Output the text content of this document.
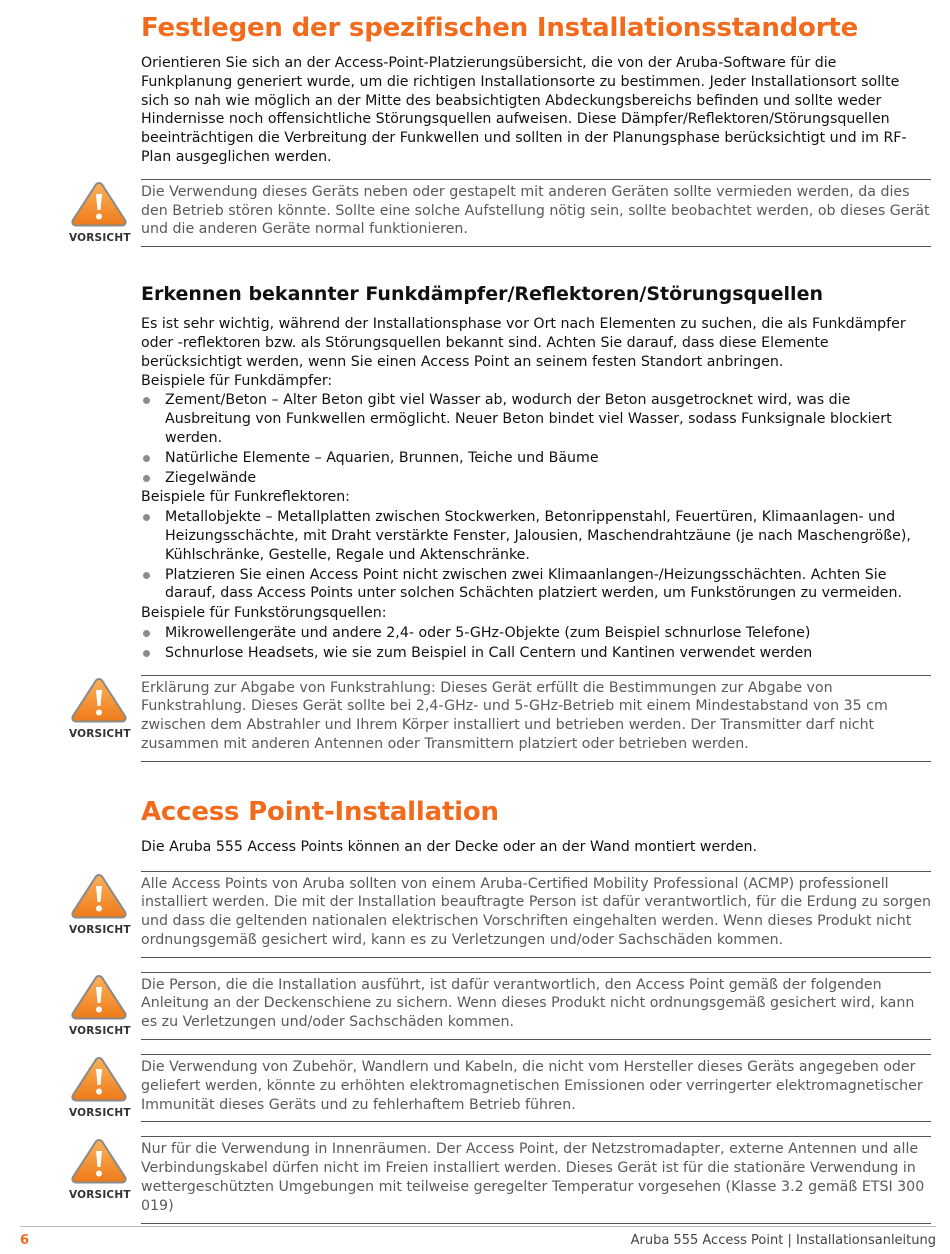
Festlegen der spezifischen Installationsstandorte

Orientieren Sie sich an der Access-Point-Platzierungsübersicht, die von der Aruba-Software für die Funkplanung generiert wurde, um die richtigen Installationsorte zu bestimmen. Jeder Installationsort sollte sich so nah wie möglich an der Mitte des beabsichtigten Abdeckungsbereichs befinden und sollte weder Hindernisse noch offensichtliche Störungsquellen aufweisen. Diese Dämpfer/Reflektoren/Störungsquellen beeinträchtigen die Verbreitung der Funkwellen und sollten in der Planungsphase berücksichtigt und im RF-Plan ausgeglichen werden.

VORSICHT
Die Verwendung dieses Geräts neben oder gestapelt mit anderen Geräten sollte vermieden werden, da dies den Betrieb stören könnte. Sollte eine solche Aufstellung nötig sein, sollte beobachtet werden, ob dieses Gerät und die anderen Geräte normal funktionieren.
Erkennen bekannter Funkdämpfer/Reflektoren/Störungsquellen

Es ist sehr wichtig, während der Installationsphase vor Ort nach Elementen zu suchen, die als Funkdämpfer oder -reflektoren bzw. als Störungsquellen bekannt sind. Achten Sie darauf, dass diese Elemente berücksichtigt werden, wenn Sie einen Access Point an seinem festen Standort anbringen.

Beispiele für Funkdämpfer:

Zement/Beton – Alter Beton gibt viel Wasser ab, wodurch der Beton ausgetrocknet wird, was die Ausbreitung von Funkwellen ermöglicht. Neuer Beton bindet viel Wasser, sodass Funksignale blockiert werden.
Natürliche Elemente – Aquarien, Brunnen, Teiche und Bäume
Ziegelwände

Beispiele für Funkreflektoren:

Metallobjekte – Metallplatten zwischen Stockwerken, Betonrippenstahl, Feuertüren, Klimaanlagen- und Heizungsschächte, mit Draht verstärkte Fenster, Jalousien, Maschendrahtzäune (je nach Maschengröße), Kühlschränke, Gestelle, Regale und Aktenschränke.
Platzieren Sie einen Access Point nicht zwischen zwei Klimaanlangen-/Heizungsschächten. Achten Sie darauf, dass Access Points unter solchen Schächten platziert werden, um Funkstörungen zu vermeiden.

Beispiele für Funkstörungsquellen:

Mikrowellengeräte und andere 2,4- oder 5-GHz-Objekte (zum Beispiel schnurlose Telefone)
Schnurlose Headsets, wie sie zum Beispiel in Call Centern und Kantinen verwendet werden
VORSICHT
Erklärung zur Abgabe von Funkstrahlung: Dieses Gerät erfüllt die Bestimmungen zur Abgabe von Funkstrahlung. Dieses Gerät sollte bei 2,4-GHz- und 5-GHz-Betrieb mit einem Mindestabstand von 35 cm zwischen dem Abstrahler und Ihrem Körper installiert und betrieben werden. Der Transmitter darf nicht zusammen mit anderen Antennen oder Transmittern platziert oder betrieben werden.
Access Point-Installation

Die Aruba 555 Access Points können an der Decke oder an der Wand montiert werden.

VORSICHT
Alle Access Points von Aruba sollten von einem Aruba-Certified Mobility Professional (ACMP) professionell installiert werden. Die mit der Installation beauftragte Person ist dafür verantwortlich, für die Erdung zu sorgen und dass die geltenden nationalen elektrischen Vorschriften eingehalten werden. Wenn dieses Produkt nicht ordnungsgemäß gesichert wird, kann es zu Verletzungen und/oder Sachschäden kommen.
VORSICHT
Die Person, die die Installation ausführt, ist dafür verantwortlich, den Access Point gemäß der folgenden Anleitung an der Deckenschiene zu sichern. Wenn dieses Produkt nicht ordnungsgemäß gesichert wird, kann es zu Verletzungen und/oder Sachschäden kommen.
VORSICHT
Die Verwendung von Zubehör, Wandlern und Kabeln, die nicht vom Hersteller dieses Geräts angegeben oder geliefert werden, könnte zu erhöhten elektromagnetischen Emissionen oder verringerter elektromagnetischer Immunität dieses Geräts und zu fehlerhaftem Betrieb führen.
VORSICHT
Nur für die Verwendung in Innenräumen. Der Access Point, der Netzstromadapter, externe Antennen und alle Verbindungskabel dürfen nicht im Freien installiert werden. Dieses Gerät ist für die stationäre Verwendung in wettergeschützten Umgebungen mit teilweise geregelter Temperatur vorgesehen (Klasse 3.2 gemäß ETSI 300 019)
6	Aruba 555 Access Point | Installationsanleitung
